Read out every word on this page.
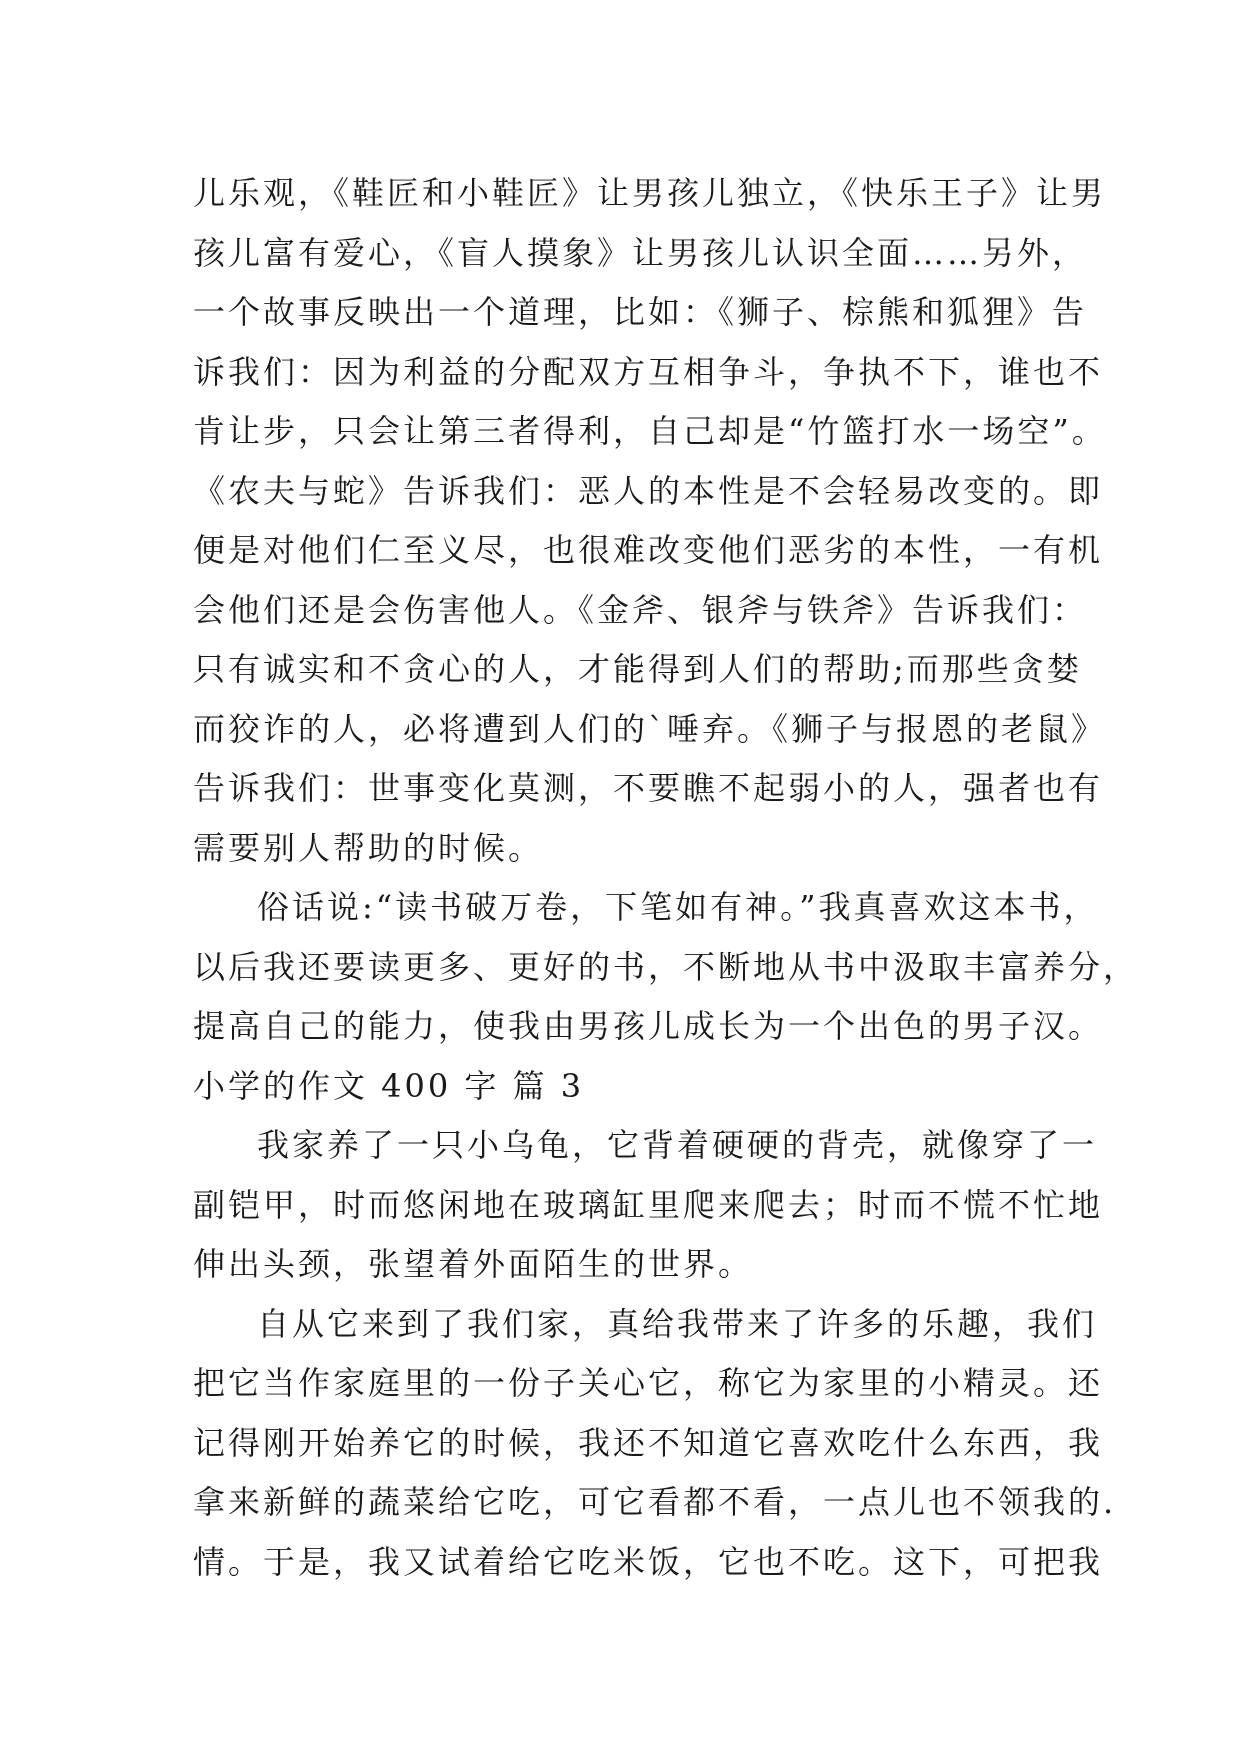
儿乐观，《鞋匠和小鞋匠》让男孩儿独立，《快乐王子》让男
孩儿富有爱心，《盲人摸象》让男孩儿认识全面……另外，
一个故事反映出一个道理，比如：《狮子、棕熊和狐狸》告
诉我们：因为利益的分配双方互相争斗，争执不下，谁也不
肯让步，只会让第三者得利，自己却是“竹篮打水一场空”。
《农夫与蛇》告诉我们：恶人的本性是不会轻易改变的。即
便是对他们仁至义尽，也很难改变他们恶劣的本性，一有机
会他们还是会伤害他人。《金斧、银斧与铁斧》告诉我们：
只有诚实和不贪心的人，才能得到人们的帮助;而那些贪婪
而狡诈的人，必将遭到人们的`唾弃。《狮子与报恩的老鼠》
告诉我们：世事变化莫测，不要瞧不起弱小的人，强者也有
需要别人帮助的时候。
俗话说:“读书破万卷，下笔如有神。”我真喜欢这本书，
以后我还要读更多、更好的书，不断地从书中汲取丰富养分，
提高自己的能力，使我由男孩儿成长为一个出色的男子汉。
小学的作文 400 字 篇 3
我家养了一只小乌龟，它背着硬硬的背壳，就像穿了一
副铠甲，时而悠闲地在玻璃缸里爬来爬去；时而不慌不忙地
伸出头颈，张望着外面陌生的世界。
自从它来到了我们家，真给我带来了许多的乐趣，我们
把它当作家庭里的一份子关心它，称它为家里的小精灵。还
记得刚开始养它的时候，我还不知道它喜欢吃什么东西，我
拿来新鲜的蔬菜给它吃，可它看都不看，一点儿也不领我的.
情。于是，我又试着给它吃米饭，它也不吃。这下，可把我
